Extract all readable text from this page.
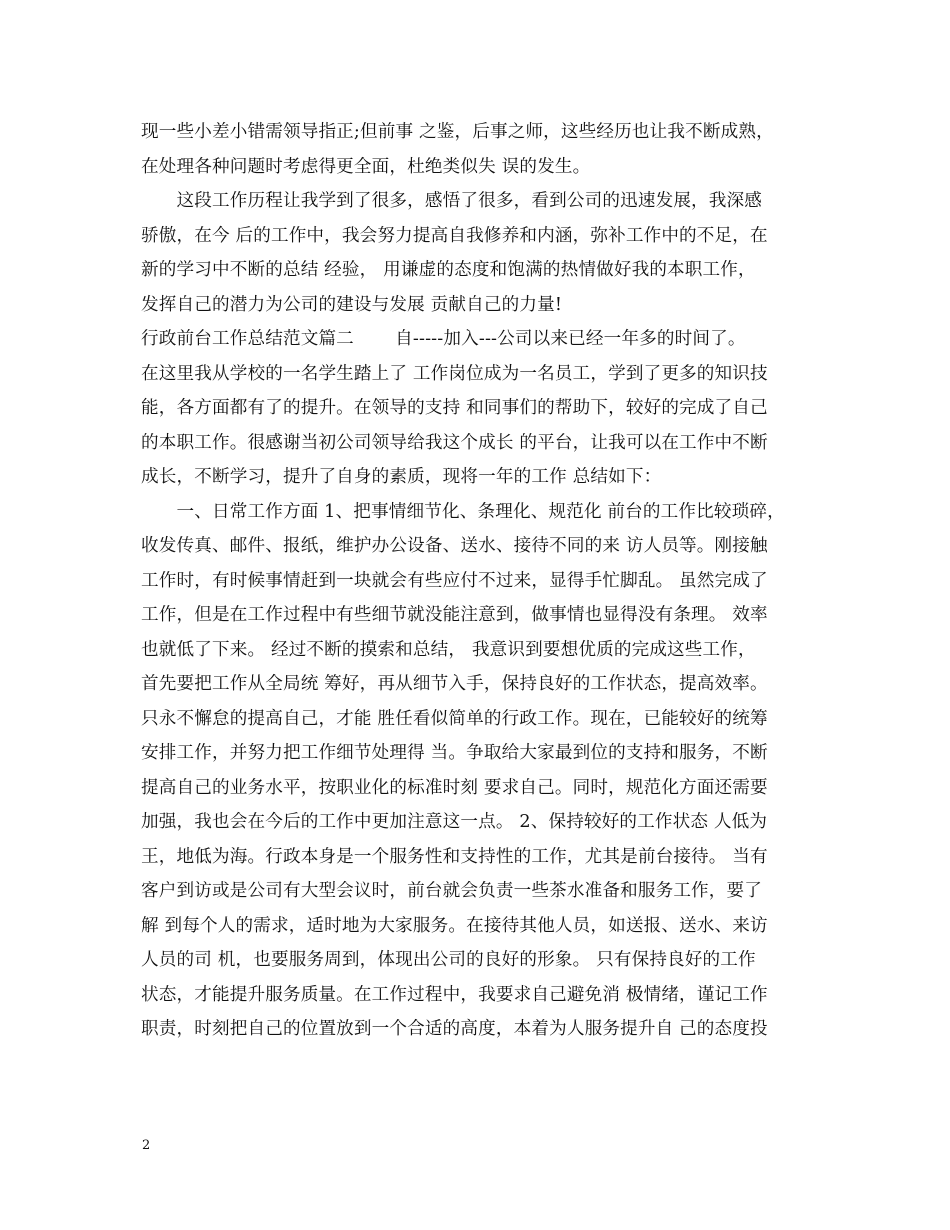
现一些小差小错需领导指正;但前事 之鉴，后事之师，这些经历也让我不断成熟，
在处理各种问题时考虑得更全面，杜绝类似失 误的发生。
　　这段工作历程让我学到了很多，感悟了很多，看到公司的迅速发展，我深感
骄傲，在今 后的工作中，我会努力提高自我修养和内涵，弥补工作中的不足，在
新的学习中不断的总结 经验， 用谦虚的态度和饱满的热情做好我的本职工作，
发挥自己的潜力为公司的建设与发展 贡献自己的力量!
行政前台工作总结范文篇二　　 自-----加入---公司以来已经一年多的时间了。
在这里我从学校的一名学生踏上了 工作岗位成为一名员工，学到了更多的知识技
能，各方面都有了的提升。在领导的支持 和同事们的帮助下，较好的完成了自己
的本职工作。很感谢当初公司领导给我这个成长 的平台，让我可以在工作中不断
成长，不断学习，提升了自身的素质，现将一年的工作 总结如下：
　　一、日常工作方面 1、把事情细节化、条理化、规范化 前台的工作比较琐碎，
收发传真、邮件、报纸，维护办公设备、送水、接待不同的来 访人员等。刚接触
工作时，有时候事情赶到一块就会有些应付不过来，显得手忙脚乱。 虽然完成了
工作，但是在工作过程中有些细节就没能注意到，做事情也显得没有条理。 效率
也就低了下来。 经过不断的摸索和总结， 我意识到要想优质的完成这些工作，
首先要把工作从全局统 筹好，再从细节入手，保持良好的工作状态，提高效率。
只永不懈怠的提高自己，才能 胜任看似简单的行政工作。现在，已能较好的统筹
安排工作，并努力把工作细节处理得 当。争取给大家最到位的支持和服务，不断
提高自己的业务水平，按职业化的标准时刻 要求自己。同时，规范化方面还需要
加强，我也会在今后的工作中更加注意这一点。 2、保持较好的工作状态 人低为
王，地低为海。行政本身是一个服务性和支持性的工作，尤其是前台接待。 当有
客户到访或是公司有大型会议时，前台就会负责一些茶水准备和服务工作，要了
解 到每个人的需求，适时地为大家服务。在接待其他人员，如送报、送水、来访
人员的司 机，也要服务周到，体现出公司的良好的形象。 只有保持良好的工作
状态，才能提升服务质量。在工作过程中，我要求自己避免消 极情绪，谨记工作
职责，时刻把自己的位置放到一个合适的高度，本着为人服务提升自 己的态度投
2
